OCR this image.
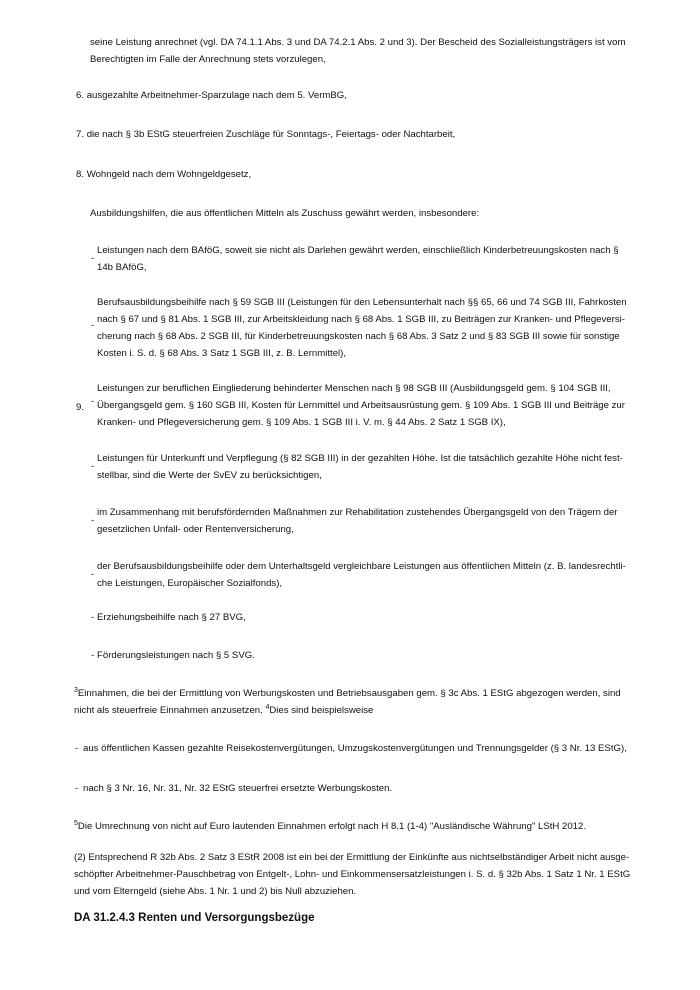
seine Leistung anrechnet (vgl. DA 74.1.1 Abs. 3 und DA 74.2.1 Abs. 2 und 3). Der Bescheid des Sozialleistungsträgers ist vom
Berechtigten im Falle der Anrechnung stets vorzulegen,
6. ausgezahlte Arbeitnehmer-Sparzulage nach dem 5. VermBG,
7. die nach § 3b EStG steuerfreien Zuschläge für Sonntags-, Feiertags- oder Nachtarbeit,
8. Wohngeld nach dem Wohngeldgesetz,
Ausbildungshilfen, die aus öffentlichen Mitteln als Zuschuss gewährt werden, insbesondere:
9.
-
Leistungen nach dem BAföG, soweit sie nicht als Darlehen gewährt werden, einschließlich Kinderbetreuungskosten nach §
14b BAföG,
-
Berufsausbildungsbeihilfe nach § 59 SGB III (Leistungen für den Lebensunterhalt nach §§ 65, 66 und 74 SGB III, Fahrkosten
nach § 67 und § 81 Abs. 1 SGB III, zur Arbeitskleidung nach § 68 Abs. 1 SGB III, zu Beiträgen zur Kranken- und Pflegeversi-
cherung nach § 68 Abs. 2 SGB III, für Kinderbetreuungskosten nach § 68 Abs. 3 Satz 2 und § 83 SGB III sowie für sonstige
Kosten i. S. d. § 68 Abs. 3 Satz 1 SGB III, z. B. Lernmittel),
-
Leistungen zur beruflichen Eingliederung behinderter Menschen nach § 98 SGB III (Ausbildungsgeld gem. § 104 SGB III,
Übergangsgeld gem. § 160 SGB III, Kosten für Lernmittel und Arbeitsausrüstung gem. § 109 Abs. 1 SGB III und Beiträge zur
Kranken- und Pflegeversicherung gem. § 109 Abs. 1 SGB III i. V. m. § 44 Abs. 2 Satz 1 SGB IX),
-
Leistungen für Unterkunft und Verpflegung (§ 82 SGB III) in der gezahlten Höhe. Ist die tatsächlich gezahlte Höhe nicht fest-
stellbar, sind die Werte der SvEV zu berücksichtigen,
-
im Zusammenhang mit berufsfördernden Maßnahmen zur Rehabilitation zustehendes Übergangsgeld von den Trägern der
gesetzlichen Unfall- oder Rentenversicherung,
-
der Berufsausbildungsbeihilfe oder dem Unterhaltsgeld vergleichbare Leistungen aus öffentlichen Mitteln (z. B. landesrechtli-
che Leistungen, Europäischer Sozialfonds),
- Erziehungsbeihilfe nach § 27 BVG,
- Förderungsleistungen nach § 5 SVG.
$^3$Einnahmen, die bei der Ermittlung von Werbungskosten und Betriebsausgaben gem. § 3c Abs. 1 EStG abgezogen werden, sind
nicht als steuerfreie Einnahmen anzusetzen. $^4$Dies sind beispielsweise
- aus öffentlichen Kassen gezahlte Reisekostenvergütungen, Umzugskostenvergütungen und Trennungsgelder (§ 3 Nr. 13 EStG),
- nach § 3 Nr. 16, Nr. 31, Nr. 32 EStG steuerfrei ersetzte Werbungskosten.
$^5$Die Umrechnung von nicht auf Euro lautenden Einnahmen erfolgt nach H 8.1 (1-4) "Ausländische Währung" LStH 2012.
(2) Entsprechend R 32b Abs. 2 Satz 3 EStR 2008 ist ein bei der Ermittlung der Einkünfte aus nichtselbständiger Arbeit nicht ausge-
schöpfter Arbeitnehmer-Pauschbetrag von Entgelt-, Lohn- und Einkommensersatzleistungen i. S. d. § 32b Abs. 1 Satz 1 Nr. 1 EStG
und vom Elterngeld (siehe Abs. 1 Nr. 1 und 2) bis Null abzuziehen.
DA 31.2.4.3 Renten und Versorgungsbezüge
